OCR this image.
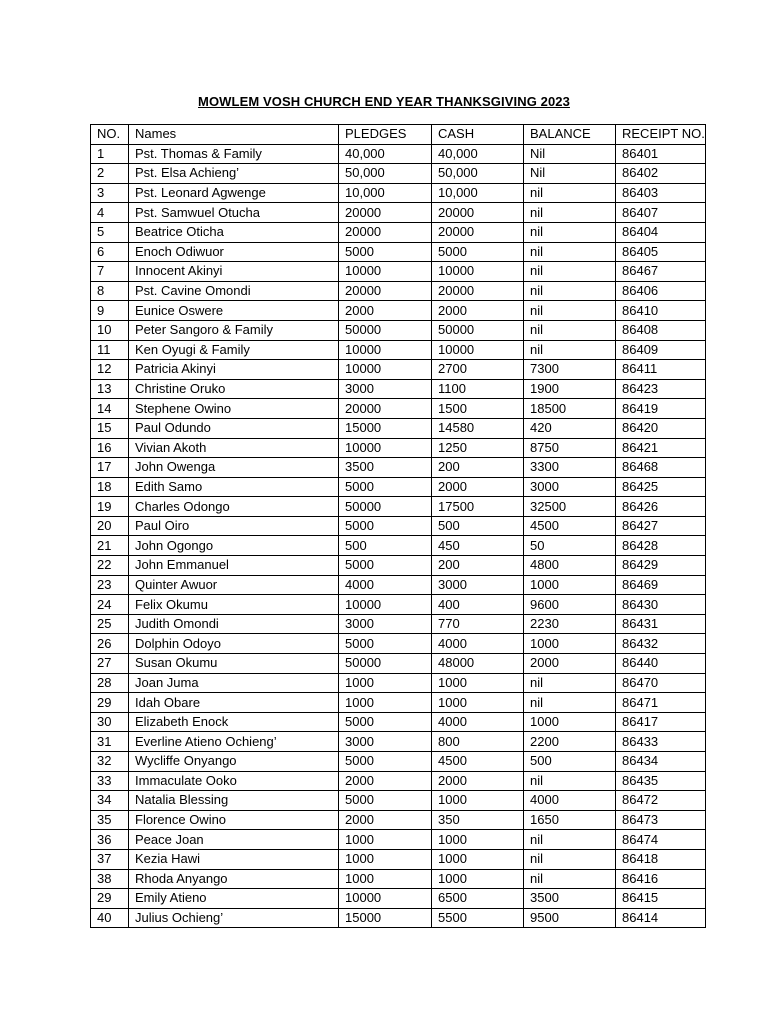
MOWLEM VOSH CHURCH END YEAR THANKSGIVING 2023
NO.	Names	PLEDGES	CASH	BALANCE	RECEIPT NO.
1	Pst. Thomas & Family	40,000	40,000	Nil	86401
2	Pst. Elsa Achieng’	50,000	50,000	Nil	86402
3	Pst. Leonard Agwenge	10,000	10,000	nil	86403
4	Pst. Samwuel Otucha	20000	20000	nil	86407
5	Beatrice Oticha	20000	20000	nil	86404
6	Enoch Odiwuor	5000	5000	nil	86405
7	Innocent Akinyi	10000	10000	nil	86467
8	Pst. Cavine Omondi	20000	20000	nil	86406
9	Eunice Oswere	2000	2000	nil	86410
10	Peter Sangoro & Family	50000	50000	nil	86408
11	Ken Oyugi & Family	10000	10000	nil	86409
12	Patricia Akinyi	10000	2700	7300	86411
13	Christine Oruko	3000	1100	1900	86423
14	Stephene Owino	20000	1500	18500	86419
15	Paul Odundo	15000	14580	420	86420
16	Vivian Akoth	10000	1250	8750	86421
17	John Owenga	3500	200	3300	86468
18	Edith Samo	5000	2000	3000	86425
19	Charles Odongo	50000	17500	32500	86426
20	Paul Oiro	5000	500	4500	86427
21	John Ogongo	500	450	50	86428
22	John Emmanuel	5000	200	4800	86429
23	Quinter Awuor	4000	3000	1000	86469
24	Felix Okumu	10000	400	9600	86430
25	Judith Omondi	3000	770	2230	86431
26	Dolphin Odoyo	5000	4000	1000	86432
27	Susan Okumu	50000	48000	2000	86440
28	Joan Juma	1000	1000	nil	86470
29	Idah Obare	1000	1000	nil	86471
30	Elizabeth Enock	5000	4000	1000	86417
31	Everline Atieno Ochieng’	3000	800	2200	86433
32	Wycliffe Onyango	5000	4500	500	86434
33	Immaculate Ooko	2000	2000	nil	86435
34	Natalia Blessing	5000	1000	4000	86472
35	Florence Owino	2000	350	1650	86473
36	Peace Joan	1000	1000	nil	86474
37	Kezia Hawi	1000	1000	nil	86418
38	Rhoda Anyango	1000	1000	nil	86416
29	Emily Atieno	10000	6500	3500	86415
40	Julius Ochieng’	15000	5500	9500	86414
